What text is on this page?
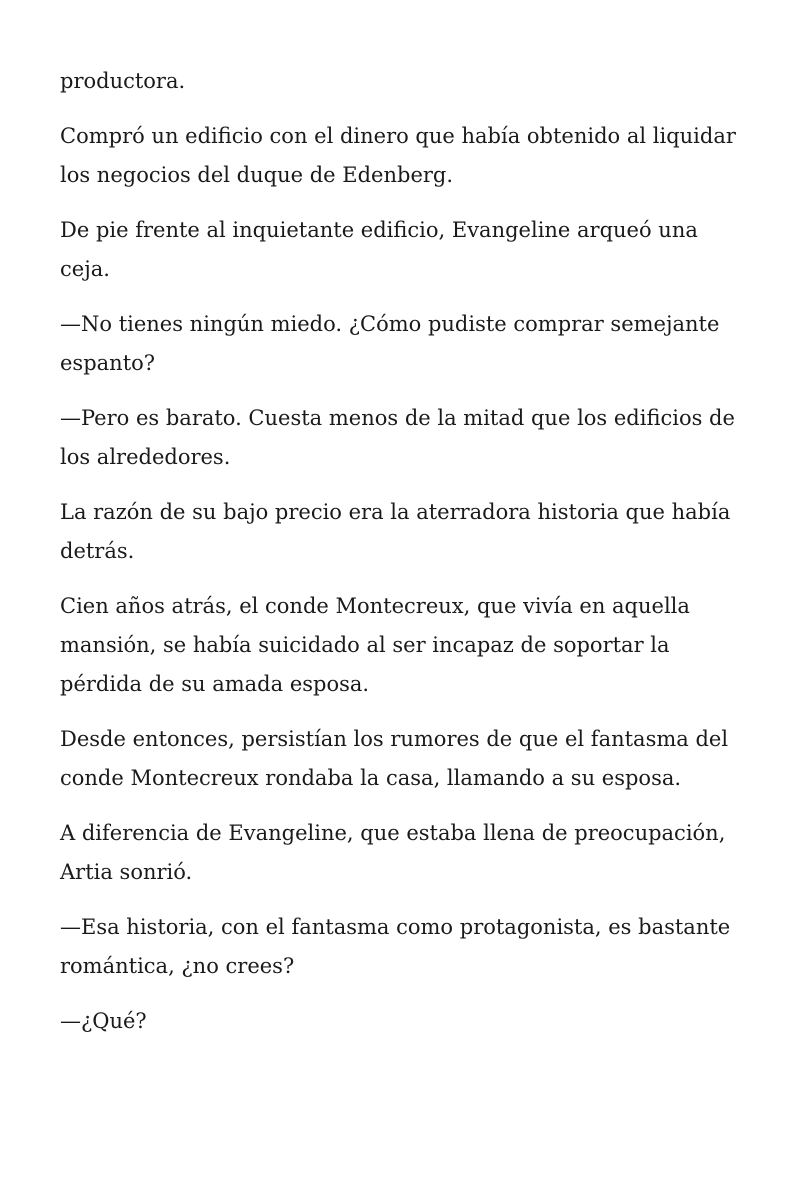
productora.

Compró un edificio con el dinero que había obtenido al liquidar los negocios del duque de Edenberg.

De pie frente al inquietante edificio, Evangeline arqueó una ceja.

—No tienes ningún miedo. ¿Cómo pudiste comprar semejante espanto?

—Pero es barato. Cuesta menos de la mitad que los edificios de los alrededores.

La razón de su bajo precio era la aterradora historia que había detrás.

Cien años atrás, el conde Montecreux, que vivía en aquella mansión, se había suicidado al ser incapaz de soportar la pérdida de su amada esposa.

Desde entonces, persistían los rumores de que el fantasma del conde Montecreux rondaba la casa, llamando a su esposa.

A diferencia de Evangeline, que estaba llena de preocupación, Artia sonrió.

—Esa historia, con el fantasma como protagonista, es bastante romántica, ¿no crees?

—¿Qué?
